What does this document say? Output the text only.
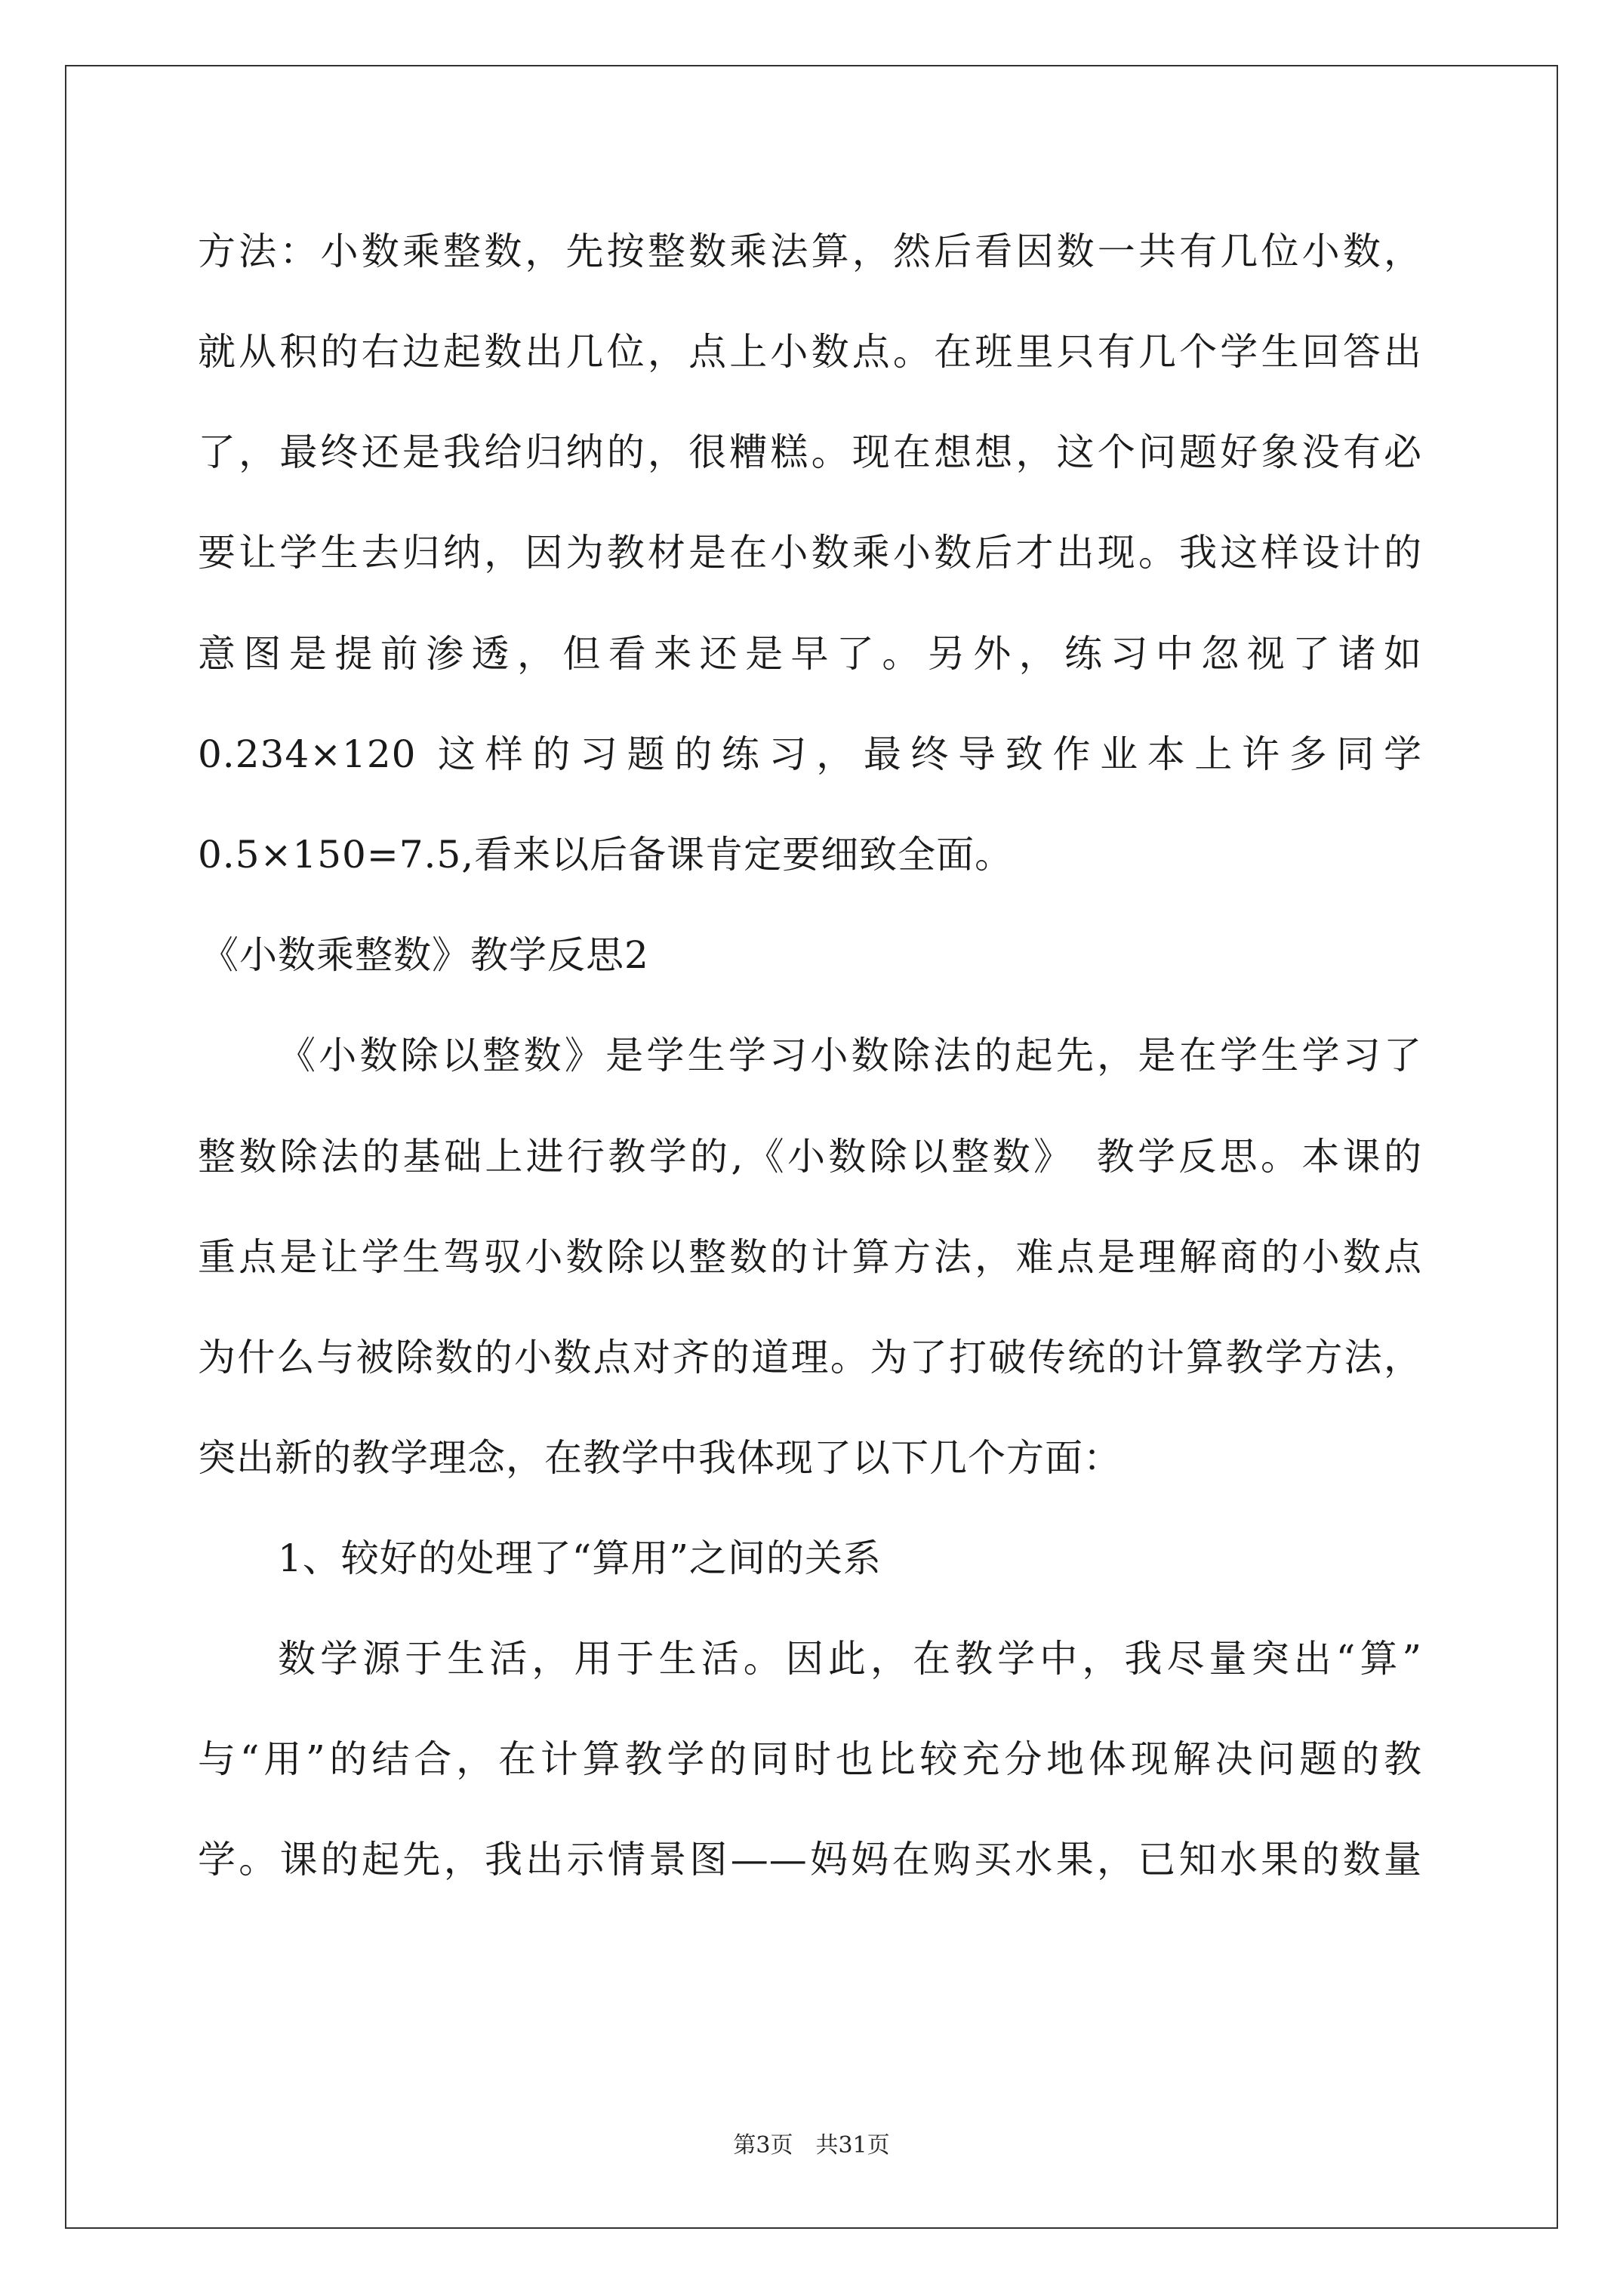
方法：小数乘整数，先按整数乘法算，然后看因数一共有几位小数，
就从积的右边起数出几位，点上小数点。在班里只有几个学生回答出
了，最终还是我给归纳的，很糟糕。现在想想，这个问题好象没有必
要让学生去归纳，因为教材是在小数乘小数后才出现。我这样设计的
意图是提前渗透，但看来还是早了。另外，练习中忽视了诸如
0.234×120 这样的习题的练习，最终导致作业本上许多同学
0.5×150=7.5,看来以后备课肯定要细致全面。
《小数乘整数》教学反思2
《小数除以整数》是学生学习小数除法的起先，是在学生学习了
整数除法的基础上进行教学的,《小数除以整数》　教学反思。本课的
重点是让学生驾驭小数除以整数的计算方法，难点是理解商的小数点
为什么与被除数的小数点对齐的道理。为了打破传统的计算教学方法，
突出新的教学理念，在教学中我体现了以下几个方面：
1、较好的处理了“算用”之间的关系
数学源于生活，用于生活。因此，在教学中，我尽量突出“算”
与“用”的结合，在计算教学的同时也比较充分地体现解决问题的教
学。课的起先，我出示情景图——妈妈在购买水果，已知水果的数量
第3页　共31页
